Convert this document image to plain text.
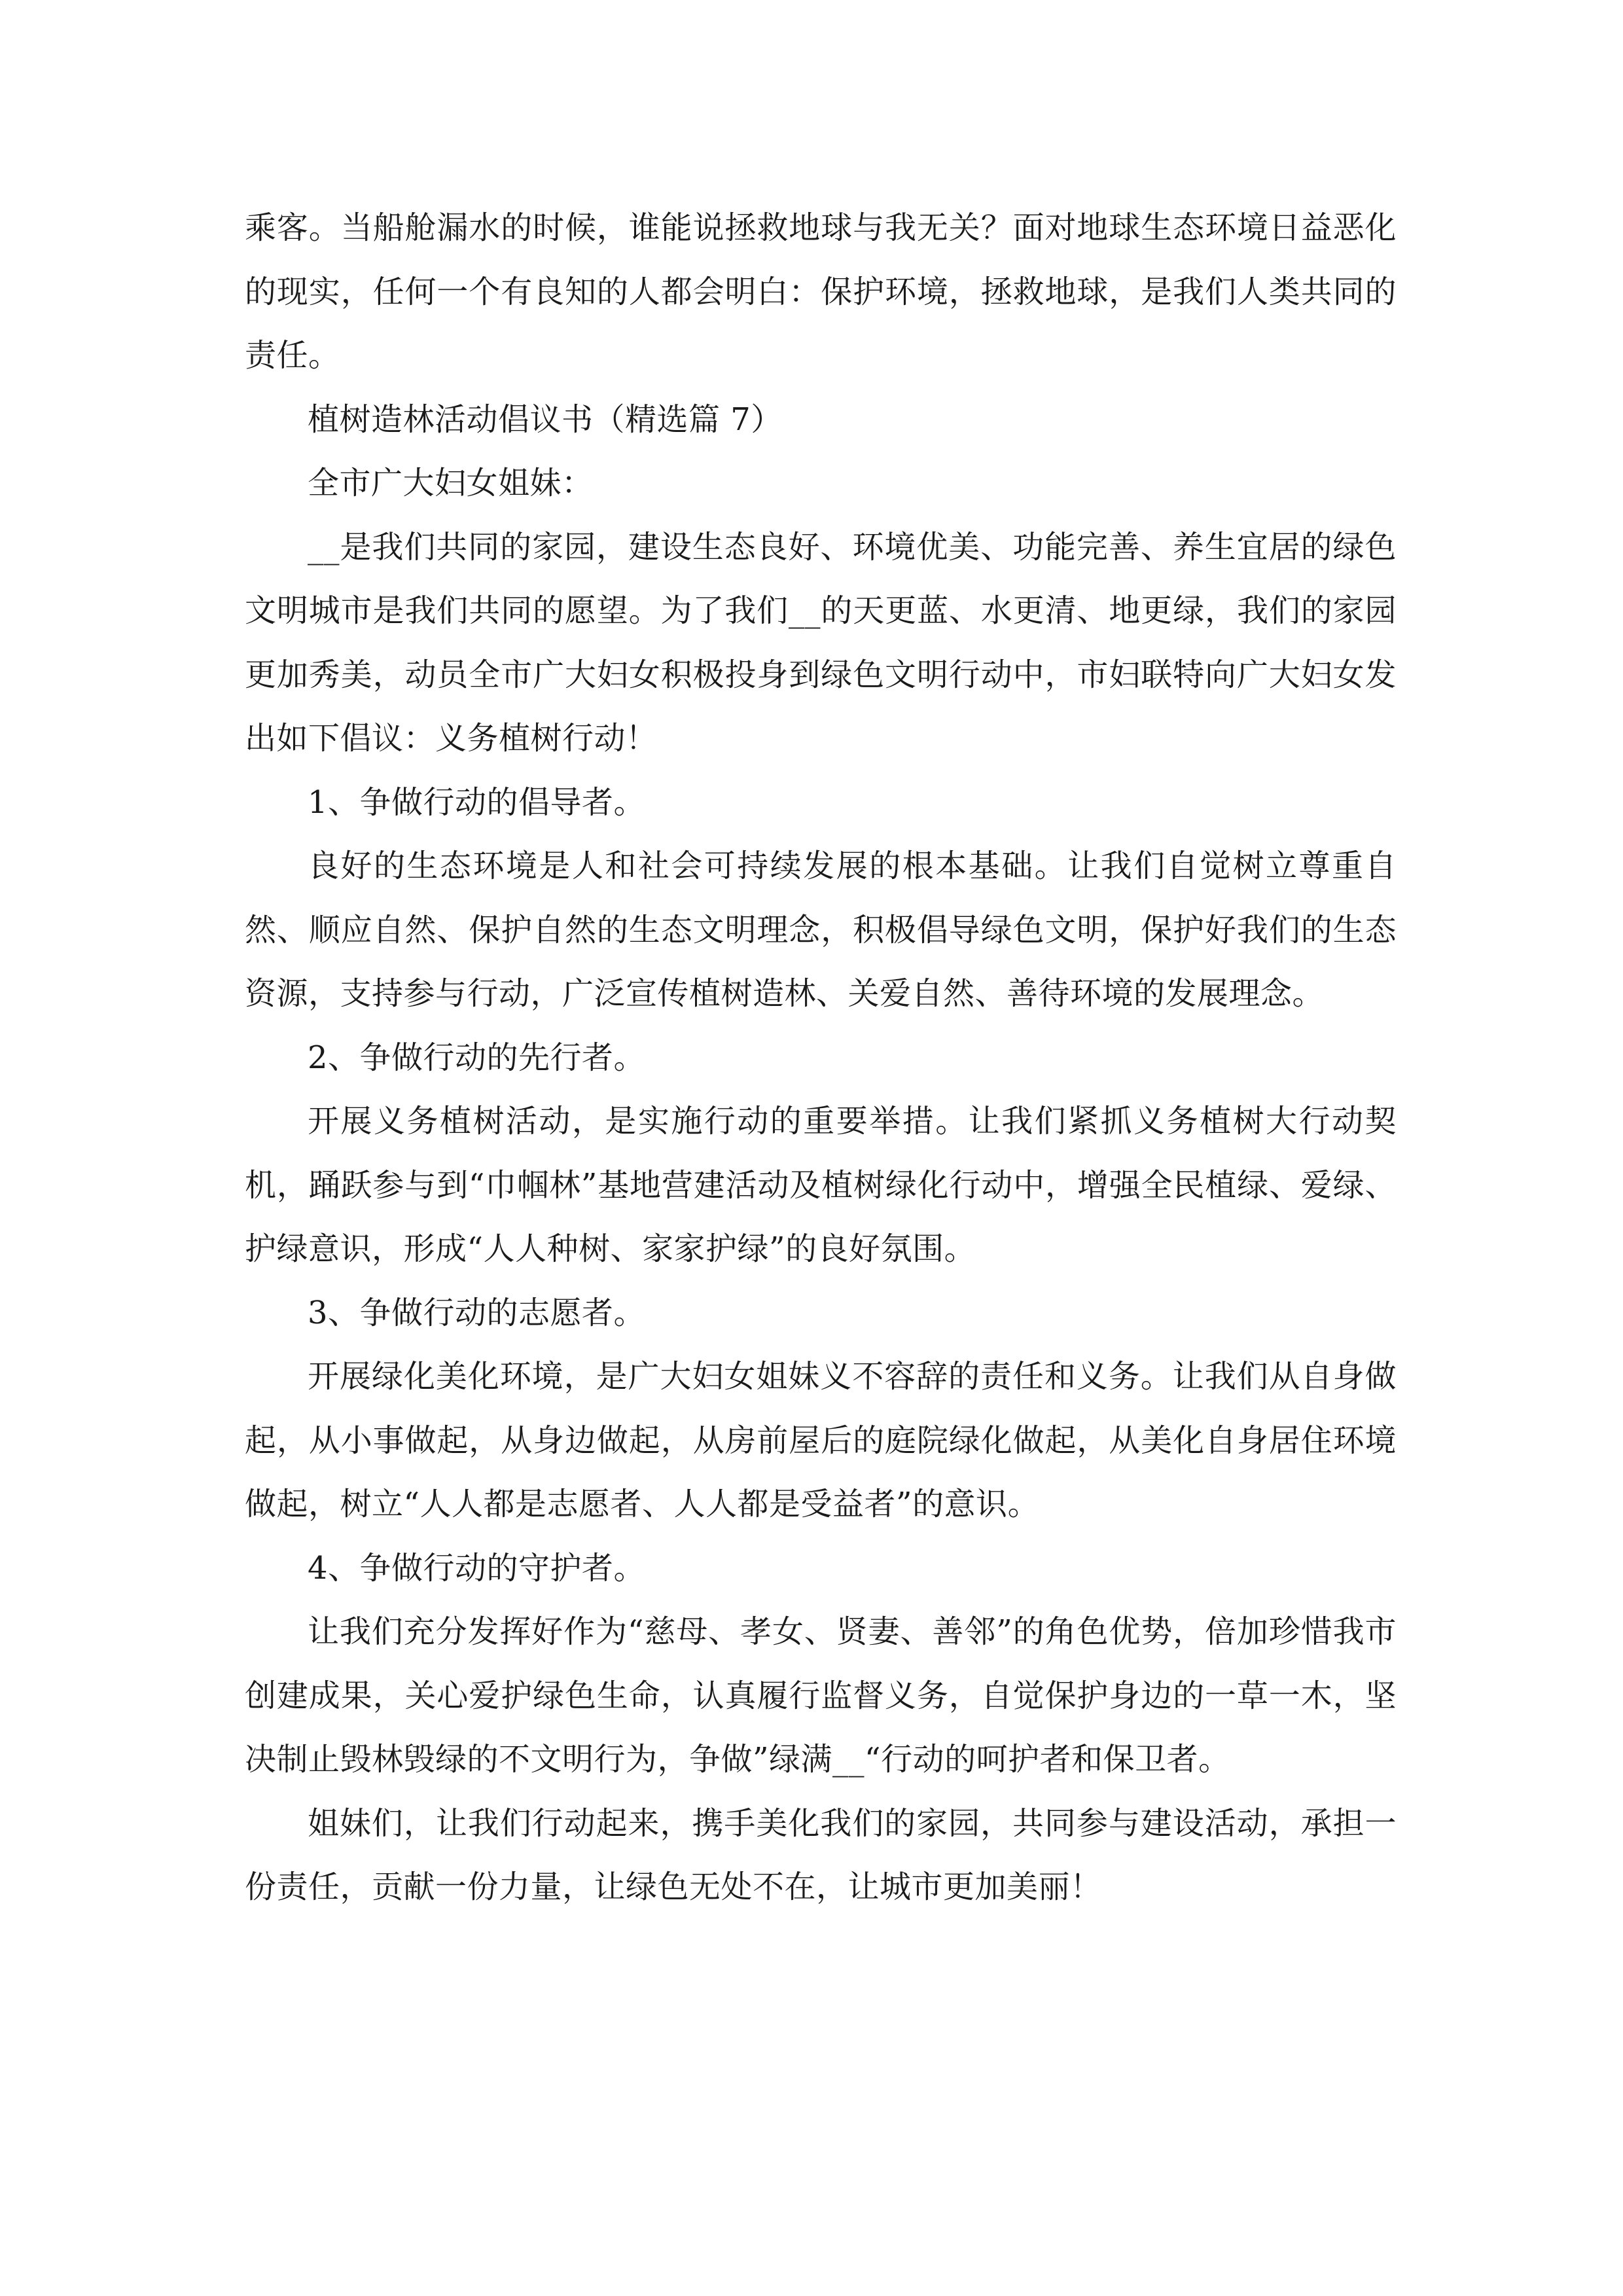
乘客。当船舱漏水的时候，谁能说拯救地球与我无关？面对地球生态环境日益恶化的现实，任何一个有良知的人都会明白：保护环境，拯救地球，是我们人类共同的责任。

植树造林活动倡议书（精选篇 7）

全市广大妇女姐妹：

__是我们共同的家园，建设生态良好、环境优美、功能完善、养生宜居的绿色文明城市是我们共同的愿望。为了我们__的天更蓝、水更清、地更绿，我们的家园更加秀美，动员全市广大妇女积极投身到绿色文明行动中，市妇联特向广大妇女发出如下倡议：义务植树行动！

1、争做行动的倡导者。

良好的生态环境是人和社会可持续发展的根本基础。让我们自觉树立尊重自然、顺应自然、保护自然的生态文明理念，积极倡导绿色文明，保护好我们的生态资源，支持参与行动，广泛宣传植树造林、关爱自然、善待环境的发展理念。

2、争做行动的先行者。

开展义务植树活动，是实施行动的重要举措。让我们紧抓义务植树大行动契机，踊跃参与到“巾帼林”基地营建活动及植树绿化行动中，增强全民植绿、爱绿、护绿意识，形成“人人种树、家家护绿”的良好氛围。

3、争做行动的志愿者。

开展绿化美化环境，是广大妇女姐妹义不容辞的责任和义务。让我们从自身做起，从小事做起，从身边做起，从房前屋后的庭院绿化做起，从美化自身居住环境做起，树立“人人都是志愿者、人人都是受益者”的意识。

4、争做行动的守护者。

让我们充分发挥好作为“慈母、孝女、贤妻、善邻”的角色优势，倍加珍惜我市创建成果，关心爱护绿色生命，认真履行监督义务，自觉保护身边的一草一木，坚决制止毁林毁绿的不文明行为，争做”绿满__“行动的呵护者和保卫者。

姐妹们，让我们行动起来，携手美化我们的家园，共同参与建设活动，承担一份责任，贡献一份力量，让绿色无处不在，让城市更加美丽！
